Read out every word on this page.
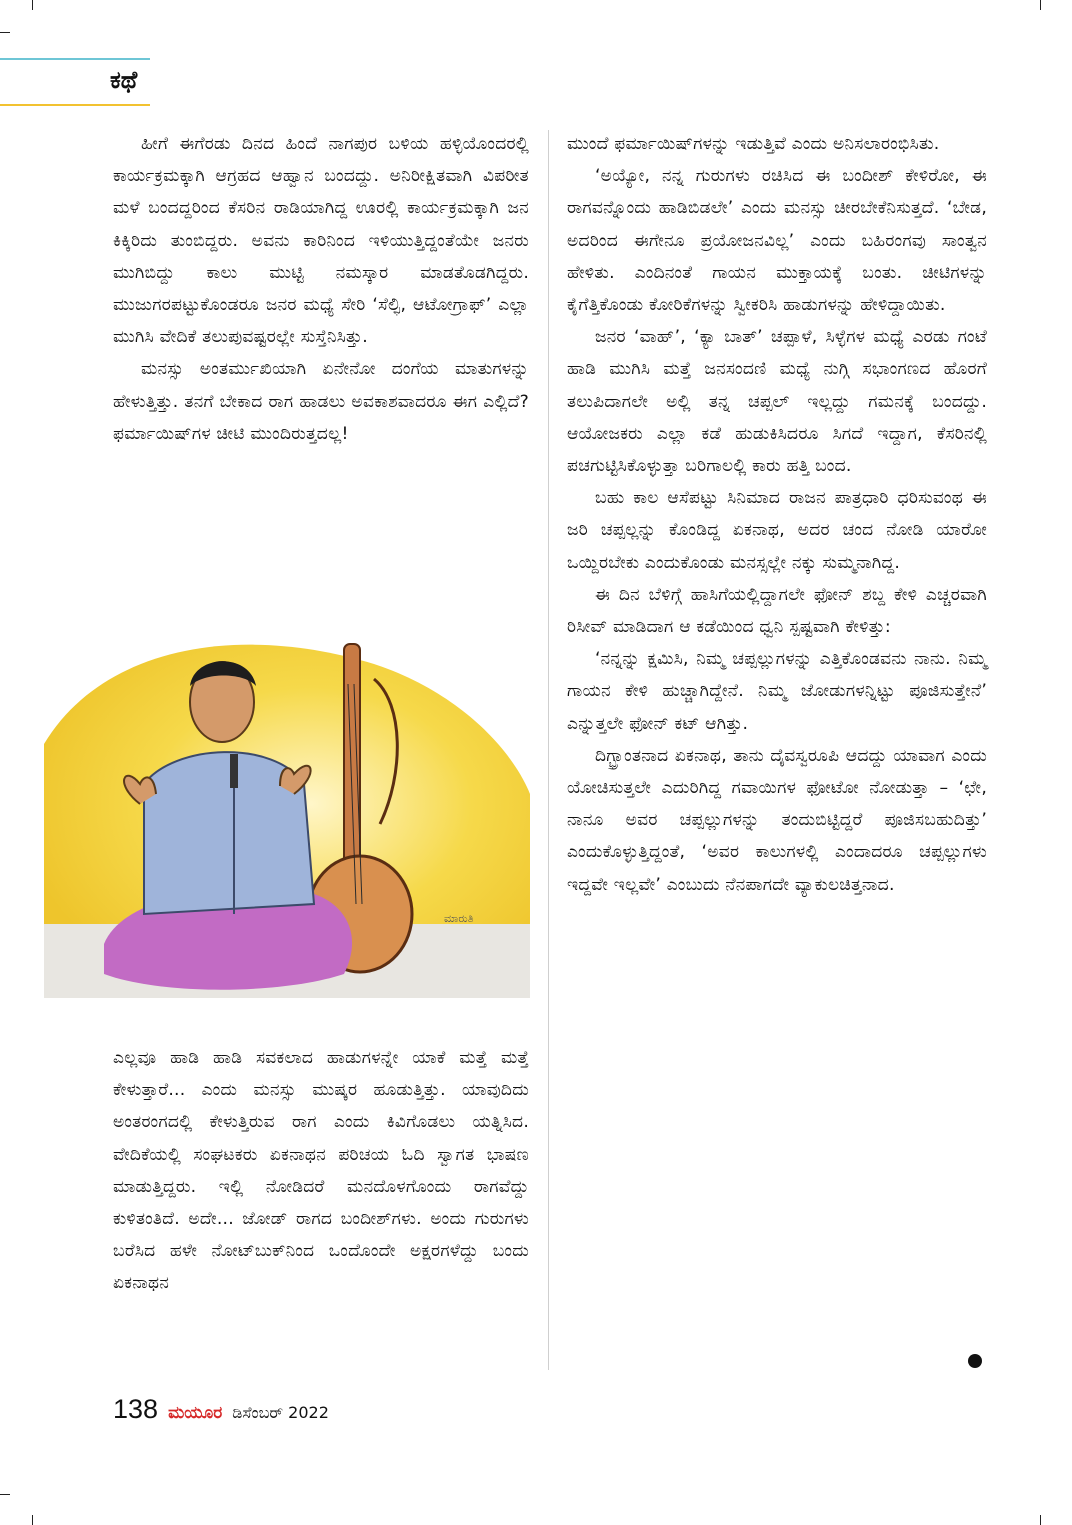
ಕಥೆ

ಹೀಗೆ ಈಗೆರಡು ದಿನದ ಹಿಂದೆ ನಾಗಪುರ ಬಳಿಯ ಹಳ್ಳಿಯೊಂದರಲ್ಲಿ ಕಾರ್ಯಕ್ರಮಕ್ಕಾಗಿ ಆಗ್ರಹದ ಆಹ್ವಾನ ಬಂದದ್ದು. ಅನಿರೀಕ್ಷಿತವಾಗಿ ವಿಪರೀತ ಮಳೆ ಬಂದದ್ದರಿಂದ ಕೆಸರಿನ ರಾಡಿಯಾಗಿದ್ದ ಊರಲ್ಲಿ ಕಾರ್ಯಕ್ರಮಕ್ಕಾಗಿ ಜನ ಕಿಕ್ಕಿರಿದು ತುಂಬಿದ್ದರು. ಅವನು ಕಾರಿನಿಂದ ಇಳಿಯುತ್ತಿದ್ದಂತೆಯೇ ಜನರು ಮುಗಿಬಿದ್ದು ಕಾಲು ಮುಟ್ಟಿ ನಮಸ್ಕಾರ ಮಾಡತೊಡಗಿದ್ದರು. ಮುಜುಗರಪಟ್ಟುಕೊಂಡರೂ ಜನರ ಮಧ್ಯೆ ಸೇರಿ ‘ಸೆಲ್ಫಿ, ಆಟೋಗ್ರಾಫ್’ ಎಲ್ಲಾ ಮುಗಿಸಿ ವೇದಿಕೆ ತಲುಪುವಷ್ಟರಲ್ಲೇ ಸುಸ್ತೆನಿಸಿತ್ತು.

ಮನಸ್ಸು ಅಂತರ್ಮುಖಿಯಾಗಿ ಏನೇನೋ ದಂಗೆಯ ಮಾತುಗಳನ್ನು ಹೇಳುತ್ತಿತ್ತು. ತನಗೆ ಬೇಕಾದ ರಾಗ ಹಾಡಲು ಅವಕಾಶವಾದರೂ ಈಗ ಎಲ್ಲಿದೆ? ಫರ್ಮಾಯಿಷ್‌ಗಳ ಚೀಟಿ ಮುಂದಿರುತ್ತದಲ್ಲ!

ಮಾರುತಿ

ಎಲ್ಲವೂ ಹಾಡಿ ಹಾಡಿ ಸವಕಲಾದ ಹಾಡುಗಳನ್ನೇ ಯಾಕೆ ಮತ್ತೆ ಮತ್ತೆ ಕೇಳುತ್ತಾರೆ... ಎಂದು ಮನಸ್ಸು ಮುಷ್ಕರ ಹೂಡುತ್ತಿತ್ತು. ಯಾವುದಿದು ಅಂತರಂಗದಲ್ಲಿ ಕೇಳುತ್ತಿರುವ ರಾಗ ಎಂದು ಕಿವಿಗೊಡಲು ಯತ್ನಿಸಿದ. ವೇದಿಕೆಯಲ್ಲಿ ಸಂಘಟಕರು ಏಕನಾಥನ ಪರಿಚಯ ಓದಿ ಸ್ವಾಗತ ಭಾಷಣ ಮಾಡುತ್ತಿದ್ದರು. ಇಲ್ಲಿ ನೋಡಿದರೆ ಮನದೊಳಗೊಂದು ರಾಗವೆದ್ದು ಕುಳಿತಂತಿದೆ. ಅದೇ... ಜೋಡ್ ರಾಗದ ಬಂದೀಶ್‌ಗಳು. ಅಂದು ಗುರುಗಳು ಬರೆಸಿದ ಹಳೇ ನೋಟ್‌ಬುಕ್‌ನಿಂದ ಒಂದೊಂದೇ ಅಕ್ಷರಗಳೆದ್ದು ಬಂದು ಏಕನಾಥನ

ಮುಂದೆ ಫರ್ಮಾಯಿಷ್‌ಗಳನ್ನು ಇಡುತ್ತಿವೆ ಎಂದು ಅನಿಸಲಾರಂಭಿಸಿತು.

‘ಅಯ್ಯೋ, ನನ್ನ ಗುರುಗಳು ರಚಿಸಿದ ಈ ಬಂದೀಶ್ ಕೇಳಿರೋ, ಈ ರಾಗವನ್ನೊಂದು ಹಾಡಿಬಿಡಲೇ’ ಎಂದು ಮನಸ್ಸು ಚೀರಬೇಕೆನಿಸುತ್ತದೆ. ‘ಬೇಡ, ಅದರಿಂದ ಈಗೇನೂ ಪ್ರಯೋಜನವಿಲ್ಲ’ ಎಂದು ಬಹಿರಂಗವು ಸಾಂತ್ವನ ಹೇಳಿತು. ಎಂದಿನಂತೆ ಗಾಯನ ಮುಕ್ತಾಯಕ್ಕೆ ಬಂತು. ಚೀಟಿಗಳನ್ನು ಕೈಗೆತ್ತಿಕೊಂಡು ಕೋರಿಕೆಗಳನ್ನು ಸ್ವೀಕರಿಸಿ ಹಾಡುಗಳನ್ನು ಹೇಳಿದ್ದಾಯಿತು.

ಜನರ ‘ವಾಹ್’, ‘ಕ್ಯಾ ಬಾತ್’ ಚಪ್ಪಾಳೆ, ಸಿಳ್ಳೆಗಳ ಮಧ್ಯೆ ಎರಡು ಗಂಟೆ ಹಾಡಿ ಮುಗಿಸಿ ಮತ್ತೆ ಜನಸಂದಣಿ ಮಧ್ಯೆ ನುಗ್ಗಿ ಸಭಾಂಗಣದ ಹೊರಗೆ ತಲುಪಿದಾಗಲೇ ಅಲ್ಲಿ ತನ್ನ ಚಪ್ಪಲ್ ಇಲ್ಲದ್ದು ಗಮನಕ್ಕೆ ಬಂದದ್ದು. ಆಯೋಜಕರು ಎಲ್ಲಾ ಕಡೆ ಹುಡುಕಿಸಿದರೂ ಸಿಗದೆ ಇದ್ದಾಗ, ಕೆಸರಿನಲ್ಲಿ ಪಚಗುಟ್ಟಿಸಿಕೊಳ್ಳುತ್ತಾ ಬರಿಗಾಲಲ್ಲಿ ಕಾರು ಹತ್ತಿ ಬಂದ.

ಬಹು ಕಾಲ ಆಸೆಪಟ್ಟು ಸಿನಿಮಾದ ರಾಜನ ಪಾತ್ರಧಾರಿ ಧರಿಸುವಂಥ ಈ ಜರಿ ಚಪ್ಪಲ್ಲನ್ನು ಕೊಂಡಿದ್ದ ಏಕನಾಥ, ಅದರ ಚಂದ ನೋಡಿ ಯಾರೋ ಒಯ್ದಿರಬೇಕು ಎಂದುಕೊಂಡು ಮನಸ್ಸಲ್ಲೇ ನಕ್ಕು ಸುಮ್ಮನಾಗಿದ್ದ.

ಈ ದಿನ ಬೆಳಿಗ್ಗೆ ಹಾಸಿಗೆಯಲ್ಲಿದ್ದಾಗಲೇ ಫೋನ್ ಶಬ್ದ ಕೇಳಿ ಎಚ್ಚರವಾಗಿ ರಿಸೀವ್ ಮಾಡಿದಾಗ ಆ ಕಡೆಯಿಂದ ಧ್ವನಿ ಸ್ಪಷ್ಟವಾಗಿ ಕೇಳಿತ್ತು:

‘ನನ್ನನ್ನು ಕ್ಷಮಿಸಿ, ನಿಮ್ಮ ಚಪ್ಪಲ್ಲುಗಳನ್ನು ಎತ್ತಿಕೊಂಡವನು ನಾನು. ನಿಮ್ಮ ಗಾಯನ ಕೇಳಿ ಹುಚ್ಚಾಗಿದ್ದೇನೆ. ನಿಮ್ಮ ಜೋಡುಗಳನ್ನಿಟ್ಟು ಪೂಜಿಸುತ್ತೇನೆ’ ಎನ್ನುತ್ತಲೇ ಫೋನ್ ಕಟ್ ಆಗಿತ್ತು.

ದಿಗ್ಭ್ರಾಂತನಾದ ಏಕನಾಥ, ತಾನು ದೈವಸ್ವರೂಪಿ ಆದದ್ದು ಯಾವಾಗ ಎಂದು ಯೋಚಿಸುತ್ತಲೇ ಎದುರಿಗಿದ್ದ ಗವಾಯಿಗಳ ಫೋಟೋ ನೋಡುತ್ತಾ – ‘ಛೇ, ನಾನೂ ಅವರ ಚಪ್ಪಲ್ಲುಗಳನ್ನು ತಂದುಬಿಟ್ಟಿದ್ದರೆ ಪೂಜಿಸಬಹುದಿತ್ತು’ ಎಂದುಕೊಳ್ಳುತ್ತಿದ್ದಂತೆ, ‘ಅವರ ಕಾಲುಗಳಲ್ಲಿ ಎಂದಾದರೂ ಚಪ್ಪಲ್ಲುಗಳು ಇದ್ದವೇ ಇಲ್ಲವೇ’ ಎಂಬುದು ನೆನಪಾಗದೇ ವ್ಯಾಕುಲಚಿತ್ತನಾದ.

138 ಮಯೂರ ಡಿಸೆಂಬರ್ 2022
